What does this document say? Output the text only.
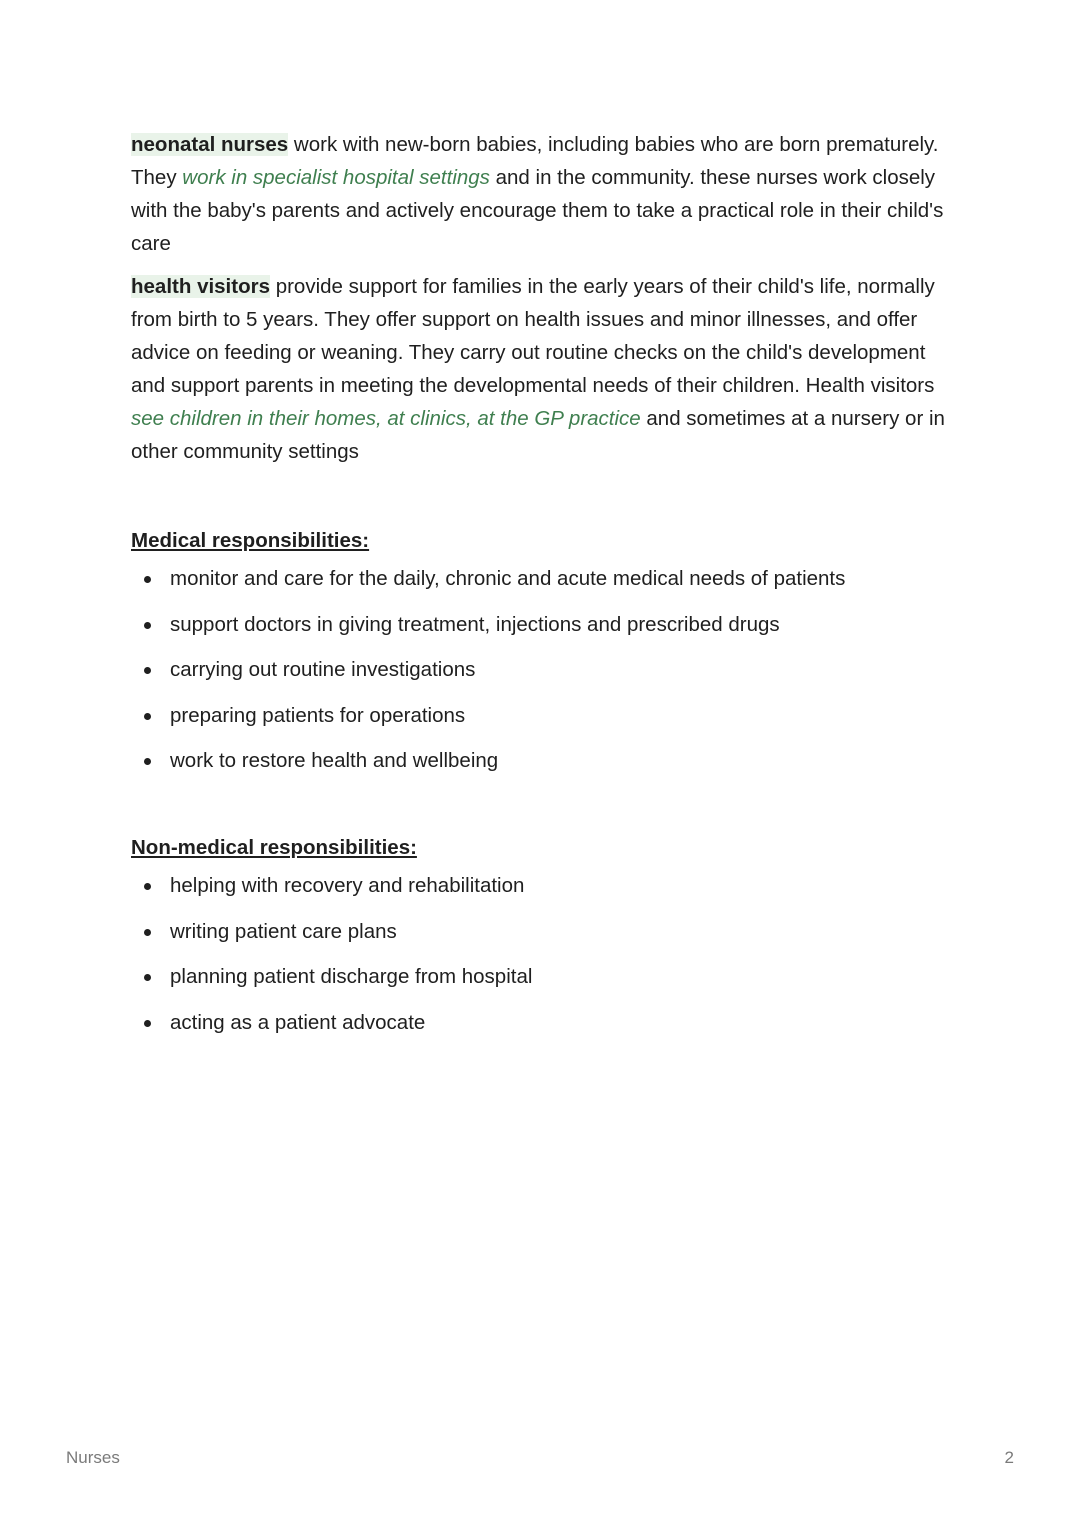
neonatal nurses work with new-born babies, including babies who are born prematurely. They work in specialist hospital settings and in the community. these nurses work closely with the baby's parents and actively encourage them to take a practical role in their child's care

health visitors provide support for families in the early years of their child's life, normally from birth to 5 years. They offer support on health issues and minor illnesses, and offer advice on feeding or weaning. They carry out routine checks on the child's development and support parents in meeting the developmental needs of their children. Health visitors see children in their homes, at clinics, at the GP practice and sometimes at a nursery or in other community settings

Medical responsibilities:

monitor and care for the daily, chronic and acute medical needs of patients
support doctors in giving treatment, injections and prescribed drugs
carrying out routine investigations
preparing patients for operations
work to restore health and wellbeing

Non-medical responsibilities:

helping with recovery and rehabilitation
writing patient care plans
planning patient discharge from hospital
acting as a patient advocate
Nurses	2
